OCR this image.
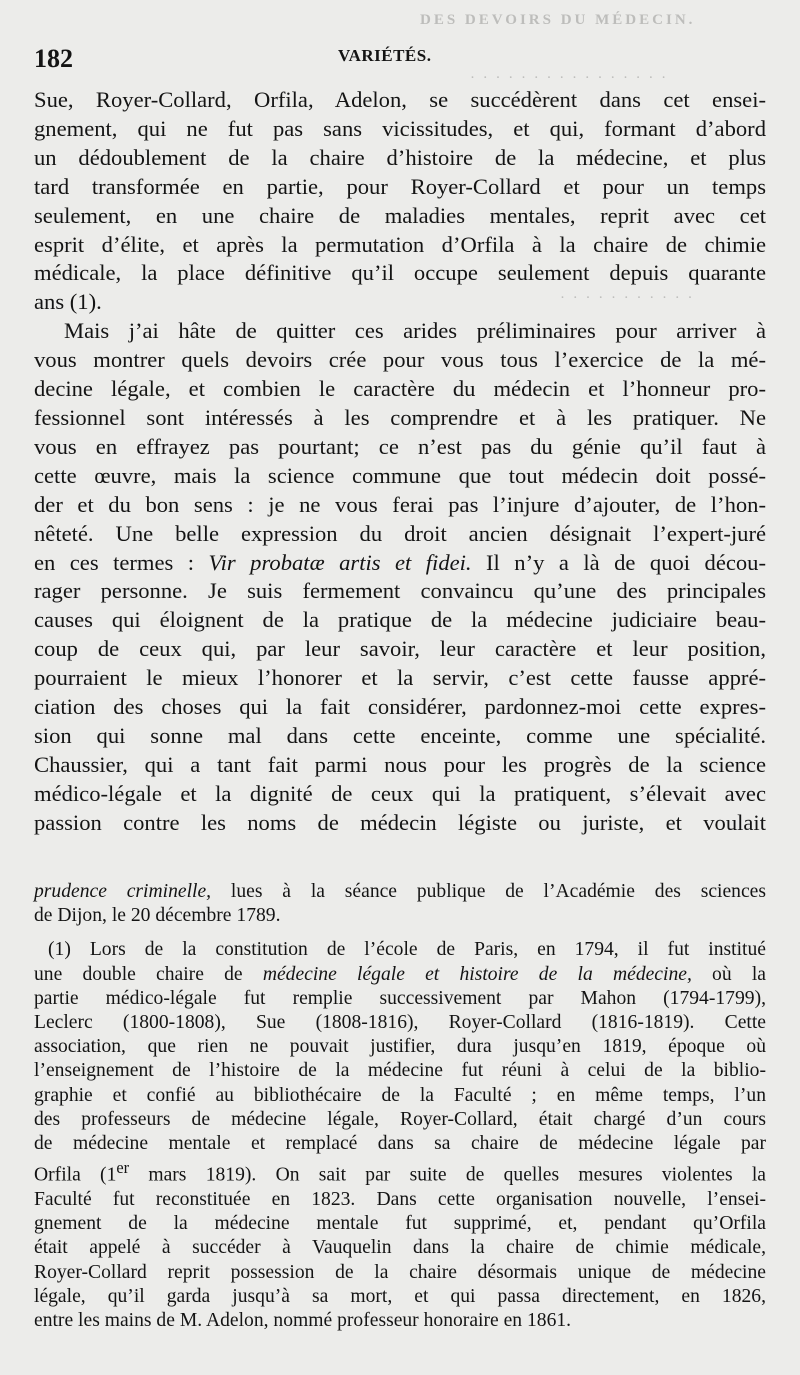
DES DEVOIRS DU MÉDECIN.
· · · · · · · · · · · · · · · ·
· · · · · · · · · · ·
182	VARIÉTÉS.
Sue, Royer-Collard, Orfila, Adelon, se succédèrent dans cet ensei-
gnement, qui ne fut pas sans vicissitudes, et qui, formant d’abord
un dédoublement de la chaire d’histoire de la médecine, et plus
tard transformée en partie, pour Royer-Collard et pour un temps
seulement, en une chaire de maladies mentales, reprit avec cet
esprit d’élite, et après la permutation d’Orfila à la chaire de chimie
médicale, la place définitive qu’il occupe seulement depuis quarante
ans (1).
Mais j’ai hâte de quitter ces arides préliminaires pour arriver à
vous montrer quels devoirs crée pour vous tous l’exercice de la mé-
decine légale, et combien le caractère du médecin et l’honneur pro-
fessionnel sont intéressés à les comprendre et à les pratiquer. Ne
vous en effrayez pas pourtant; ce n’est pas du génie qu’il faut à
cette œuvre, mais la science commune que tout médecin doit possé-
der et du bon sens : je ne vous ferai pas l’injure d’ajouter, de l’hon-
nêteté. Une belle expression du droit ancien désignait l’expert-juré
en ces termes : Vir probatæ artis et fidei. Il n’y a là de quoi décou-
rager personne. Je suis fermement convaincu qu’une des principales
causes qui éloignent de la pratique de la médecine judiciaire beau-
coup de ceux qui, par leur savoir, leur caractère et leur position,
pourraient le mieux l’honorer et la servir, c’est cette fausse appré-
ciation des choses qui la fait considérer, pardonnez-moi cette expres-
sion qui sonne mal dans cette enceinte, comme une spécialité.
Chaussier, qui a tant fait parmi nous pour les progrès de la science
médico-légale et la dignité de ceux qui la pratiquent, s’élevait avec
passion contre les noms de médecin légiste ou juriste, et voulait
prudence criminelle, lues à la séance publique de l’Académie des sciences
de Dijon, le 20 décembre 1789.
(1) Lors de la constitution de l’école de Paris, en 1794, il fut institué
une double chaire de médecine légale et histoire de la médecine, où la
partie médico-légale fut remplie successivement par Mahon (1794-1799),
Leclerc (1800-1808), Sue (1808-1816), Royer-Collard (1816-1819). Cette
association, que rien ne pouvait justifier, dura jusqu’en 1819, époque où
l’enseignement de l’histoire de la médecine fut réuni à celui de la biblio-
graphie et confié au bibliothécaire de la Faculté ; en même temps, l’un
des professeurs de médecine légale, Royer-Collard, était chargé d’un cours
de médecine mentale et remplacé dans sa chaire de médecine légale par
Orfila (1er mars 1819). On sait par suite de quelles mesures violentes la
Faculté fut reconstituée en 1823. Dans cette organisation nouvelle, l’ensei-
gnement de la médecine mentale fut supprimé, et, pendant qu’Orfila
était appelé à succéder à Vauquelin dans la chaire de chimie médicale,
Royer-Collard reprit possession de la chaire désormais unique de médecine
légale, qu’il garda jusqu’à sa mort, et qui passa directement, en 1826,
entre les mains de M. Adelon, nommé professeur honoraire en 1861.
